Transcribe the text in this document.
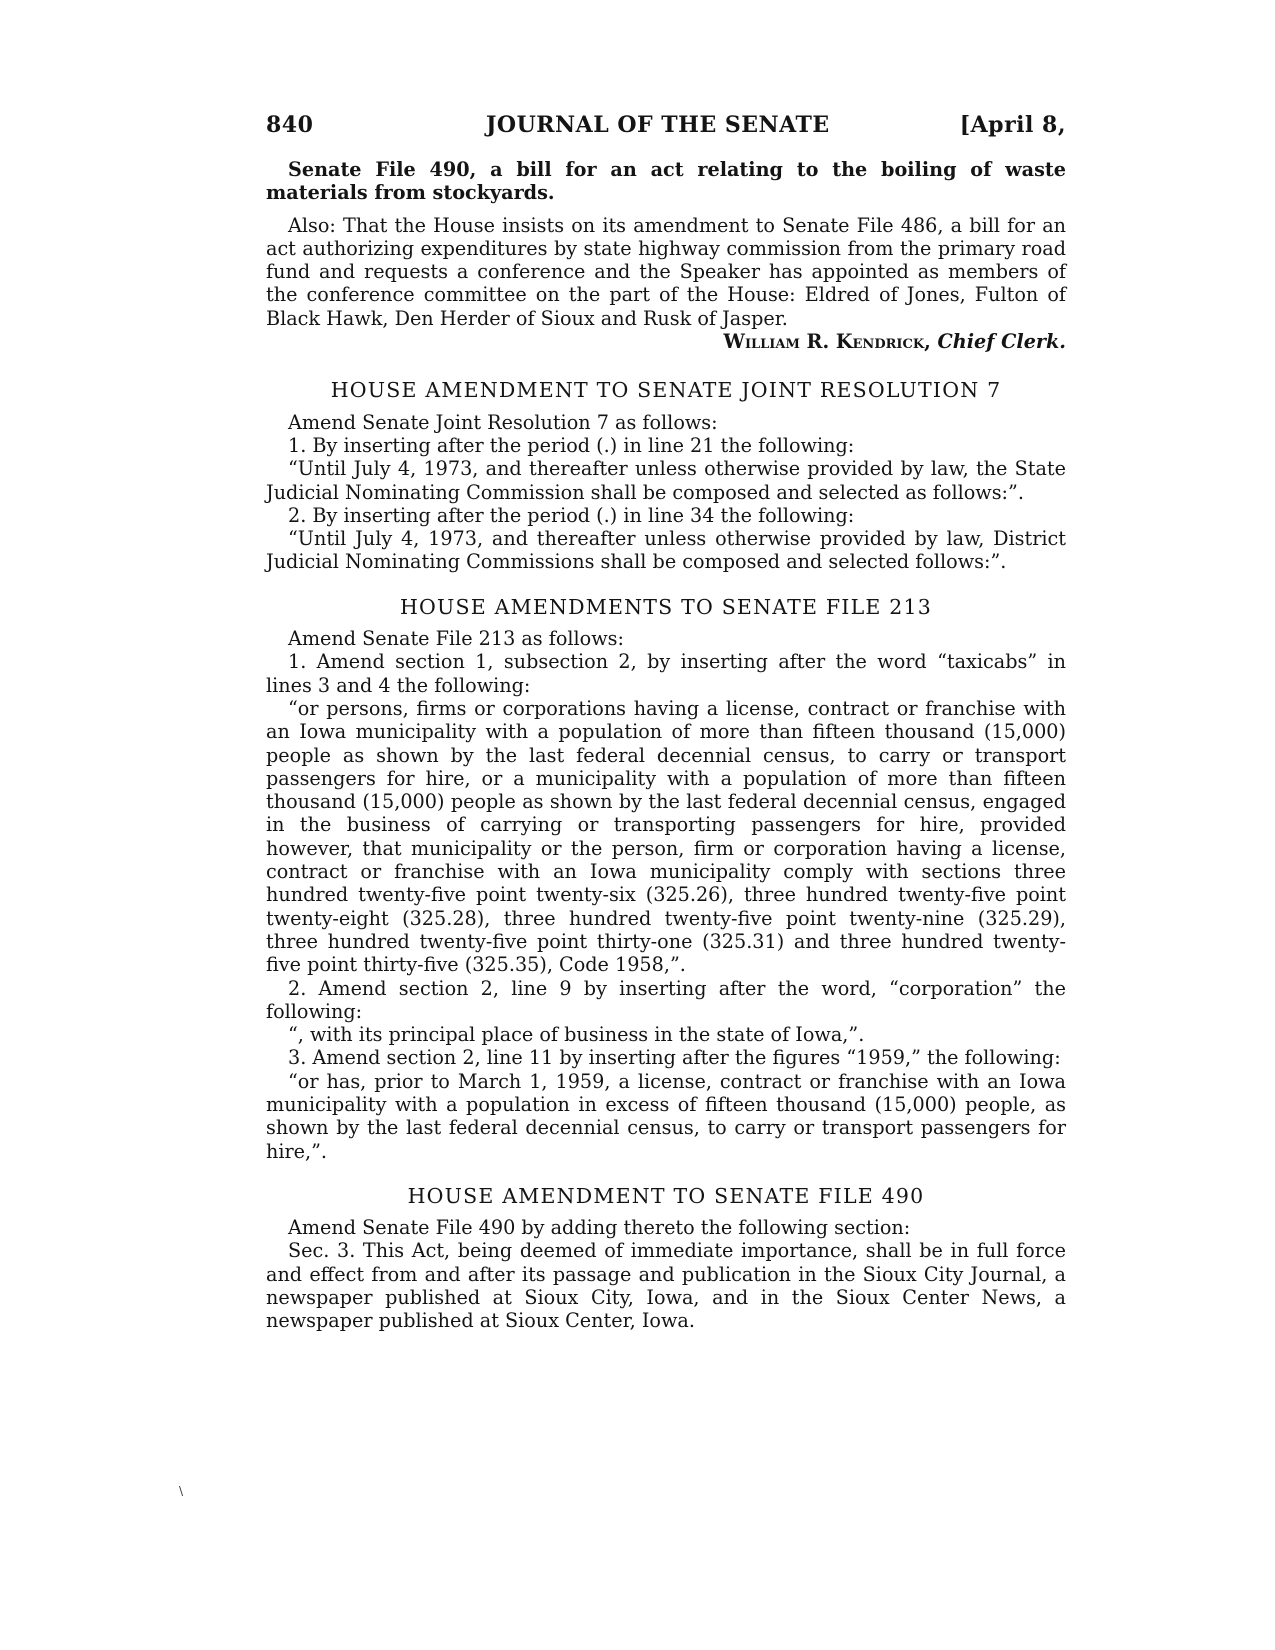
840	JOURNAL OF THE SENATE	[April 8,

Senate File 490, a bill for an act relating to the boiling of waste materials from stockyards.

Also: That the House insists on its amendment to Senate File 486, a bill for an act authorizing expenditures by state highway commission from the primary road fund and requests a conference and the Speaker has appointed as members of the conference committee on the part of the House: Eldred of Jones, Fulton of Black Hawk, Den Herder of Sioux and Rusk of Jasper.

William R. Kendrick, Chief Clerk.

HOUSE AMENDMENT TO SENATE JOINT RESOLUTION 7

Amend Senate Joint Resolution 7 as follows:

1. By inserting after the period (.) in line 21 the following:

“Until July 4, 1973, and thereafter unless otherwise provided by law, the State Judicial Nominating Commission shall be composed and selected as follows:”.

2. By inserting after the period (.) in line 34 the following:

“Until July 4, 1973, and thereafter unless otherwise provided by law, District Judicial Nominating Commissions shall be composed and selected follows:”.

HOUSE AMENDMENTS TO SENATE FILE 213

Amend Senate File 213 as follows:

1. Amend section 1, subsection 2, by inserting after the word “taxicabs” in lines 3 and 4 the following:

“or persons, firms or corporations having a license, contract or franchise with an Iowa municipality with a population of more than fifteen thousand (15,000) people as shown by the last federal decennial census, to carry or transport passengers for hire, or a municipality with a population of more than fifteen thousand (15,000) people as shown by the last federal decennial census, engaged in the business of carrying or transporting passengers for hire, provided however, that municipality or the person, firm or corporation having a license, contract or franchise with an Iowa municipality comply with sections three hundred twenty-five point twenty-six (325.26), three hundred twenty-five point twenty-eight (325.28), three hundred twenty-five point twenty-nine (325.29), three hundred twenty-five point thirty-one (325.31) and three hundred twenty-five point thirty-five (325.35), Code 1958,”.

2. Amend section 2, line 9 by inserting after the word, “corporation” the following:

“, with its principal place of business in the state of Iowa,”.

3. Amend section 2, line 11 by inserting after the figures “1959,” the following:

“or has, prior to March 1, 1959, a license, contract or franchise with an Iowa municipality with a population in excess of fifteen thousand (15,000) people, as shown by the last federal decennial census, to carry or transport passengers for hire,”.

HOUSE AMENDMENT TO SENATE FILE 490

Amend Senate File 490 by adding thereto the following section:

Sec. 3. This Act, being deemed of immediate importance, shall be in full force and effect from and after its passage and publication in the Sioux City Journal, a newspaper published at Sioux City, Iowa, and in the Sioux Center News, a newspaper published at Sioux Center, Iowa.

\
